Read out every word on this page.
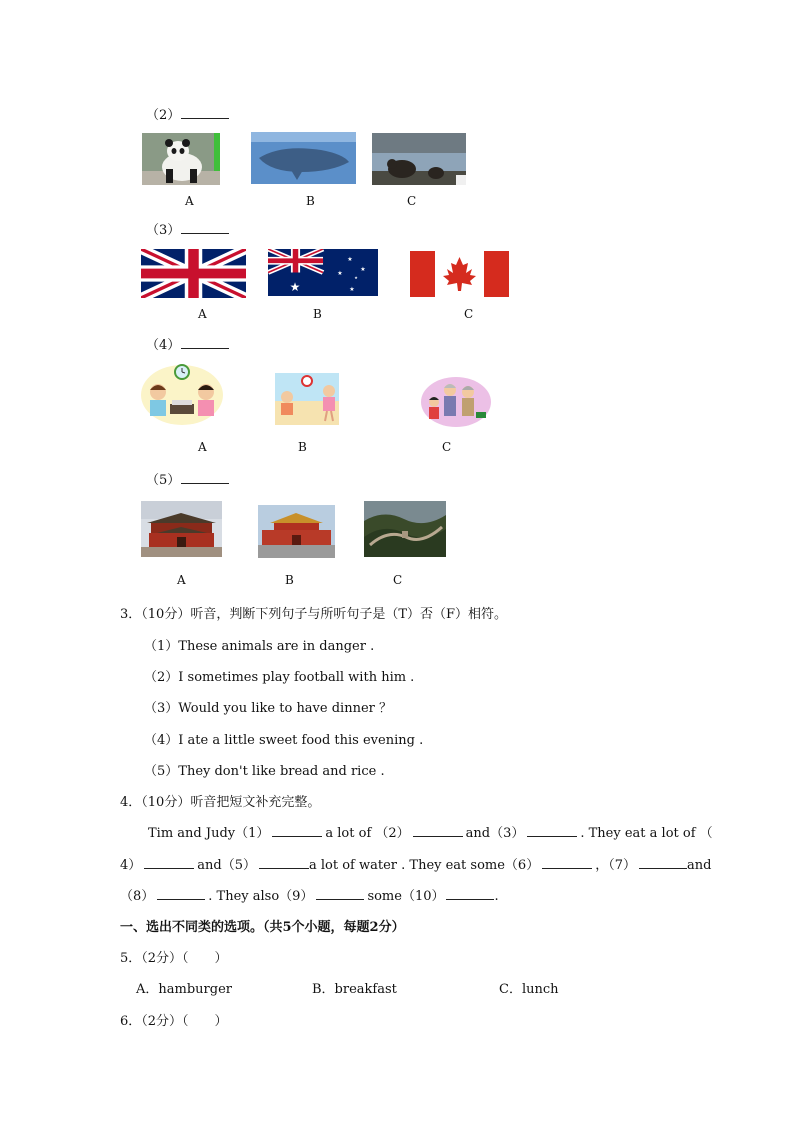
（2）
A	B	C
（3）
★
★
★
★
★
★
A	B	C
（4）
A	B	C
（5）
A	B	C
3．（10分）听音，判断下列句子与所听句子是（T）否（F）相符。
（1）These animals are in danger .
（2）I sometimes play football with him .
（3）Would you like to have dinner ？
（4）I ate a little sweet food this evening .
（5）They don't like bread and rice .
4．（10分）听音把短文补充完整。
Tim and Judy（1）	a lot of （2）	and（3）	. They eat a lot of （
4）	and（5）	a lot of water . They eat some（6）	，（7）	and
（8）	. They also（9）	some（10）	.
一、选出不同类的选项。（共5个小题，每题2分）
5．（2分）（　　）
A．hamburger	B．breakfast	C．lunch
6．（2分）（　　）
